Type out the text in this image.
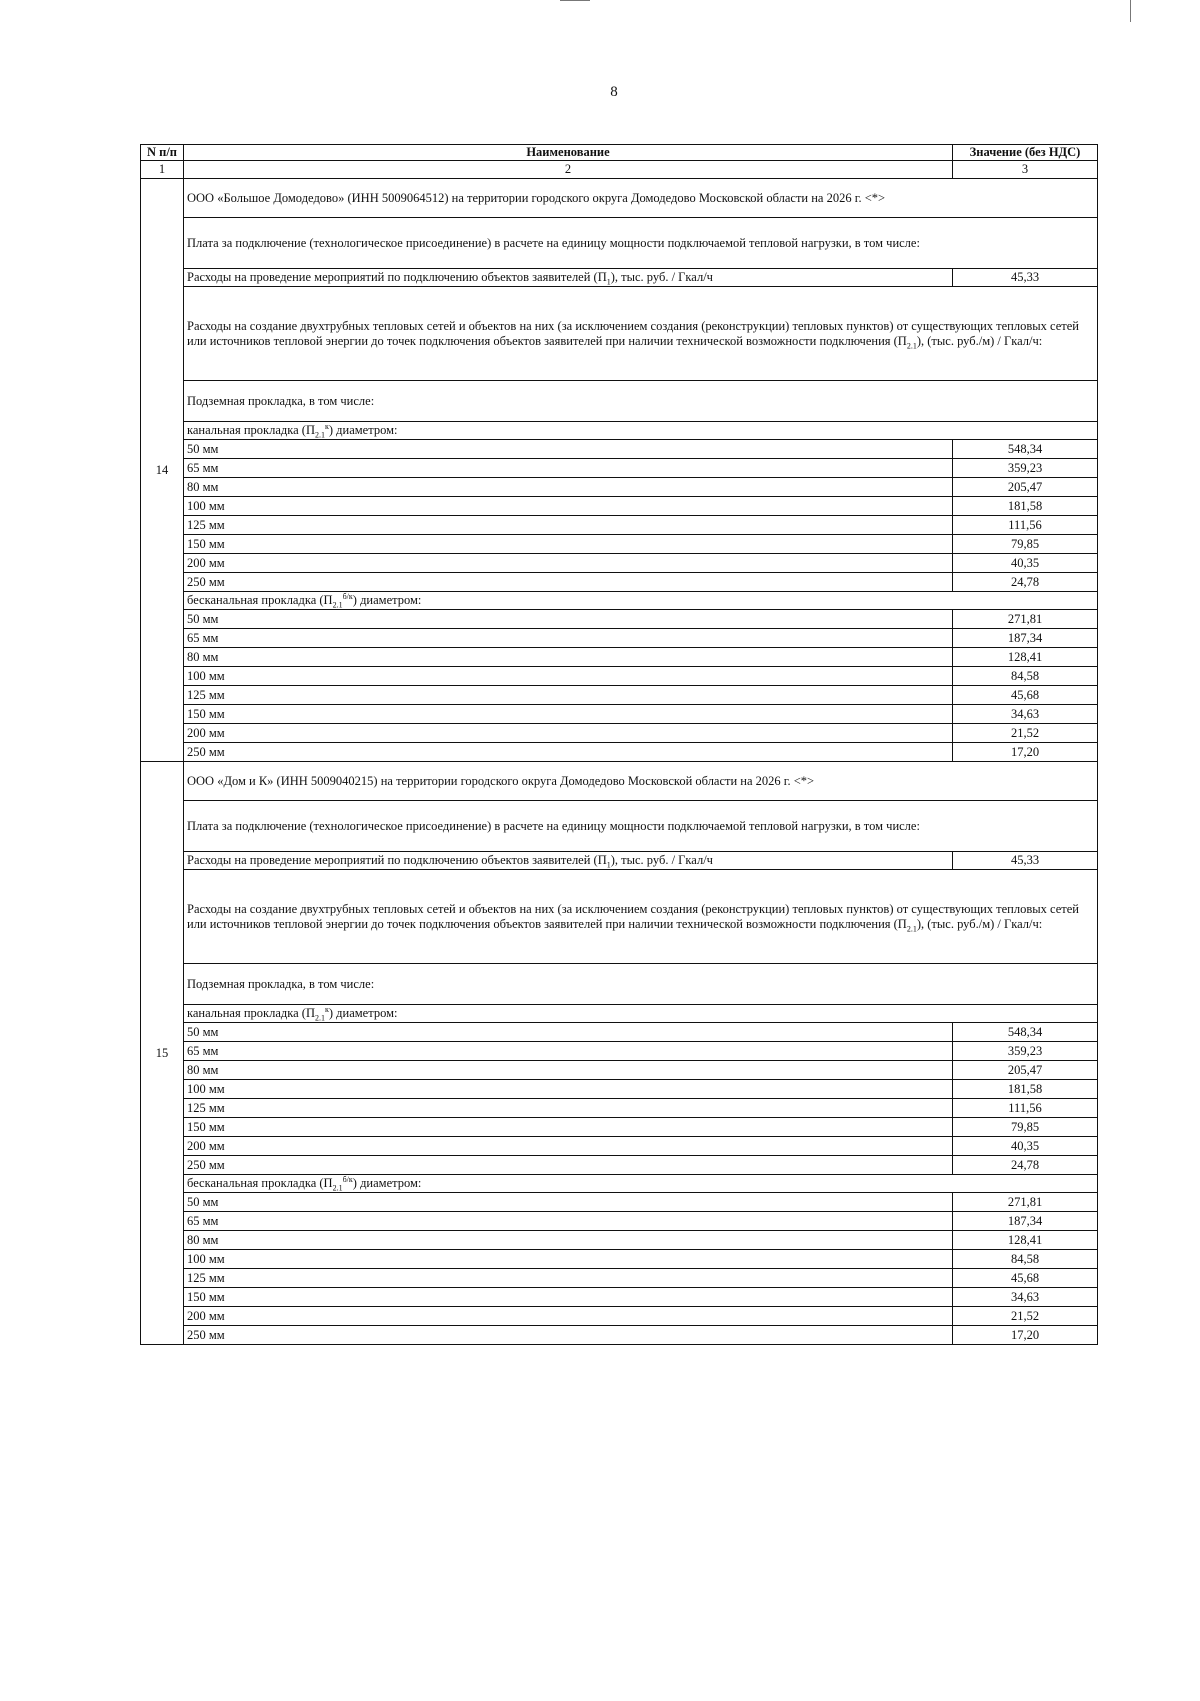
8
N п/п	Наименование	Значение (без НДС)
1	2	3
14	ООО «Большое Домодедово» (ИНН 5009064512) на территории городского округа Домодедово Московской области на 2026 г. <*>	
	Плата за подключение (технологическое присоединение) в расчете на единицу мощности подключаемой тепловой нагрузки, в том числе:	
	Расходы на проведение мероприятий по подключению объектов заявителей $(П_1)$, тыс. руб. / Гкал/ч	45,33
	Расходы на создание двухтрубных тепловых сетей и объектов на них (за исключением создания (реконструкции) тепловых пунктов) от существующих тепловых сетей или источников тепловой энергии до точек подключения объектов заявителей при наличии технической возможности подключения $(П_{2.1})$, (тыс. руб./м) / Гкал/ч:	
	Подземная прокладка, в том числе:	
	канальная прокладка $(П_{2.1}^к)$ диаметром:	
	50 мм	548,34
	65 мм	359,23
	80 мм	205,47
	100 мм	181,58
	125 мм	111,56
	150 мм	79,85
	200 мм	40,35
	250 мм	24,78
	бесканальная прокладка $(П_{2.1}^{б/к})$ диаметром:	
	50 мм	271,81
	65 мм	187,34
	80 мм	128,41
	100 мм	84,58
	125 мм	45,68
	150 мм	34,63
	200 мм	21,52
	250 мм	17,20
15	ООО «Дом и К» (ИНН 5009040215) на территории городского округа Домодедово Московской области на 2026 г. <*>	
	Плата за подключение (технологическое присоединение) в расчете на единицу мощности подключаемой тепловой нагрузки, в том числе:	
	Расходы на проведение мероприятий по подключению объектов заявителей $(П_1)$, тыс. руб. / Гкал/ч	45,33
	Расходы на создание двухтрубных тепловых сетей и объектов на них (за исключением создания (реконструкции) тепловых пунктов) от существующих тепловых сетей или источников тепловой энергии до точек подключения объектов заявителей при наличии технической возможности подключения $(П_{2.1})$, (тыс. руб./м) / Гкал/ч:	
	Подземная прокладка, в том числе:	
	канальная прокладка $(П_{2.1}^к)$ диаметром:	
	50 мм	548,34
	65 мм	359,23
	80 мм	205,47
	100 мм	181,58
	125 мм	111,56
	150 мм	79,85
	200 мм	40,35
	250 мм	24,78
	бесканальная прокладка $(П_{2.1}^{б/к})$ диаметром:	
	50 мм	271,81
	65 мм	187,34
	80 мм	128,41
	100 мм	84,58
	125 мм	45,68
	150 мм	34,63
	200 мм	21,52
	250 мм	17,20
